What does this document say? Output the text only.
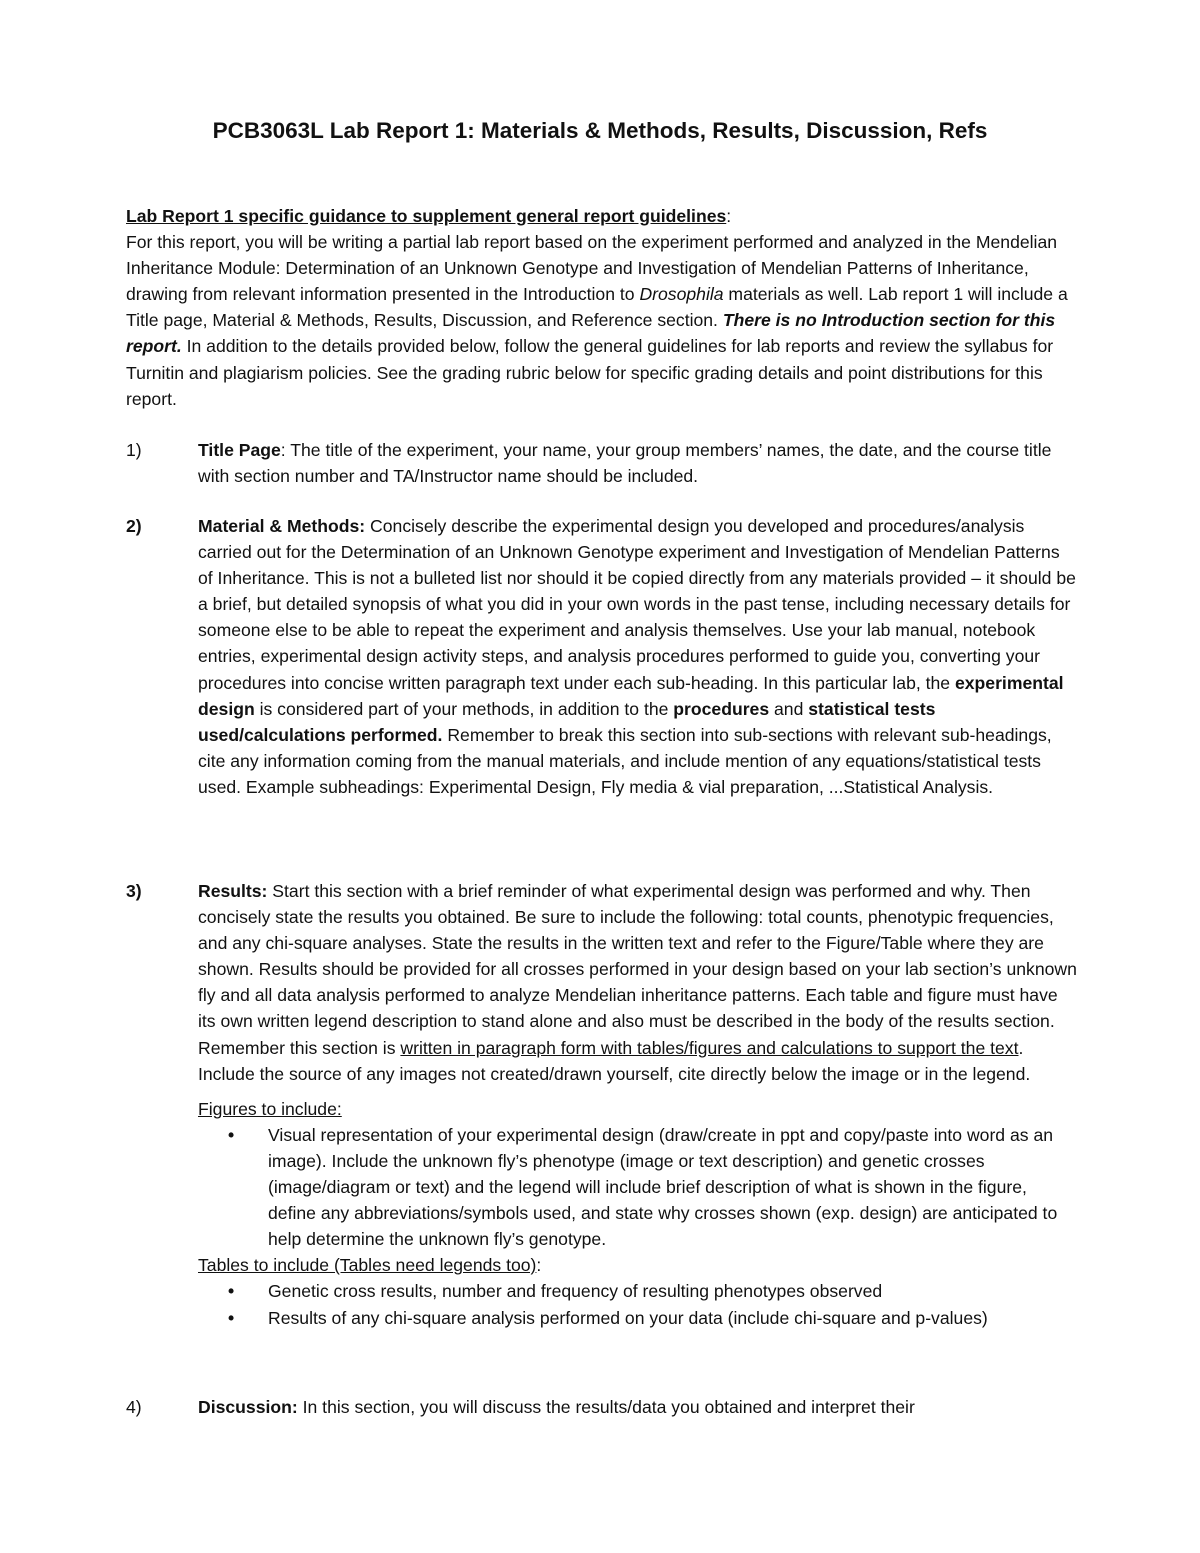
PCB3063L Lab Report 1: Materials & Methods, Results, Discussion, Refs

Lab Report 1 specific guidance to supplement general report guidelines:
For this report, you will be writing a partial lab report based on the experiment performed and analyzed in the Mendelian Inheritance Module: Determination of an Unknown Genotype and Investigation of Mendelian Patterns of Inheritance, drawing from relevant information presented in the Introduction to Drosophila materials as well. Lab report 1 will include a Title page, Material & Methods, Results, Discussion, and Reference section. There is no Introduction section for this report. In addition to the details provided below, follow the general guidelines for lab reports and review the syllabus for Turnitin and plagiarism policies. See the grading rubric below for specific grading details and point distributions for this report.

1)	Title Page: The title of the experiment, your name, your group members’ names, the date, and the course title with section number and TA/Instructor name should be included.
2)	Material & Methods: Concisely describe the experimental design you developed and procedures/analysis carried out for the Determination of an Unknown Genotype experiment and Investigation of Mendelian Patterns of Inheritance. This is not a bulleted list nor should it be copied directly from any materials provided – it should be a brief, but detailed synopsis of what you did in your own words in the past tense, including necessary details for someone else to be able to repeat the experiment and analysis themselves. Use your lab manual, notebook entries, experimental design activity steps, and analysis procedures performed to guide you, converting your procedures into concise written paragraph text under each sub-heading. In this particular lab, the experimental design is considered part of your methods, in addition to the procedures and statistical tests used/calculations performed. Remember to break this section into sub-sections with relevant sub-headings, cite any information coming from the manual materials, and include mention of any equations/statistical tests used. Example subheadings: Experimental Design, Fly media & vial preparation, ...Statistical Analysis.
3)	Results: Start this section with a brief reminder of what experimental design was performed and why. Then concisely state the results you obtained. Be sure to include the following: total counts, phenotypic frequencies, and any chi-square analyses. State the results in the written text and refer to the Figure/Table where they are shown. Results should be provided for all crosses performed in your design based on your lab section’s unknown fly and all data analysis performed to analyze Mendelian inheritance patterns. Each table and figure must have its own written legend description to stand alone and also must be described in the body of the results section. Remember this section is written in paragraph form with tables/figures and calculations to support the text. Include the source of any images not created/drawn yourself, cite directly below the image or in the legend.

Figures to include:

• Visual representation of your experimental design (draw/create in ppt and copy/paste into word as an image). Include the unknown fly’s phenotype (image or text description) and genetic crosses (image/diagram or text) and the legend will include brief description of what is shown in the figure, define any abbreviations/symbols used, and state why crosses shown (exp. design) are anticipated to help determine the unknown fly’s genotype.

Tables to include (Tables need legends too):

• Genetic cross results, number and frequency of resulting phenotypes observed
• Results of any chi-square analysis performed on your data (include chi-square and p-values)
4)	Discussion: In this section, you will discuss the results/data you obtained and interpret their
